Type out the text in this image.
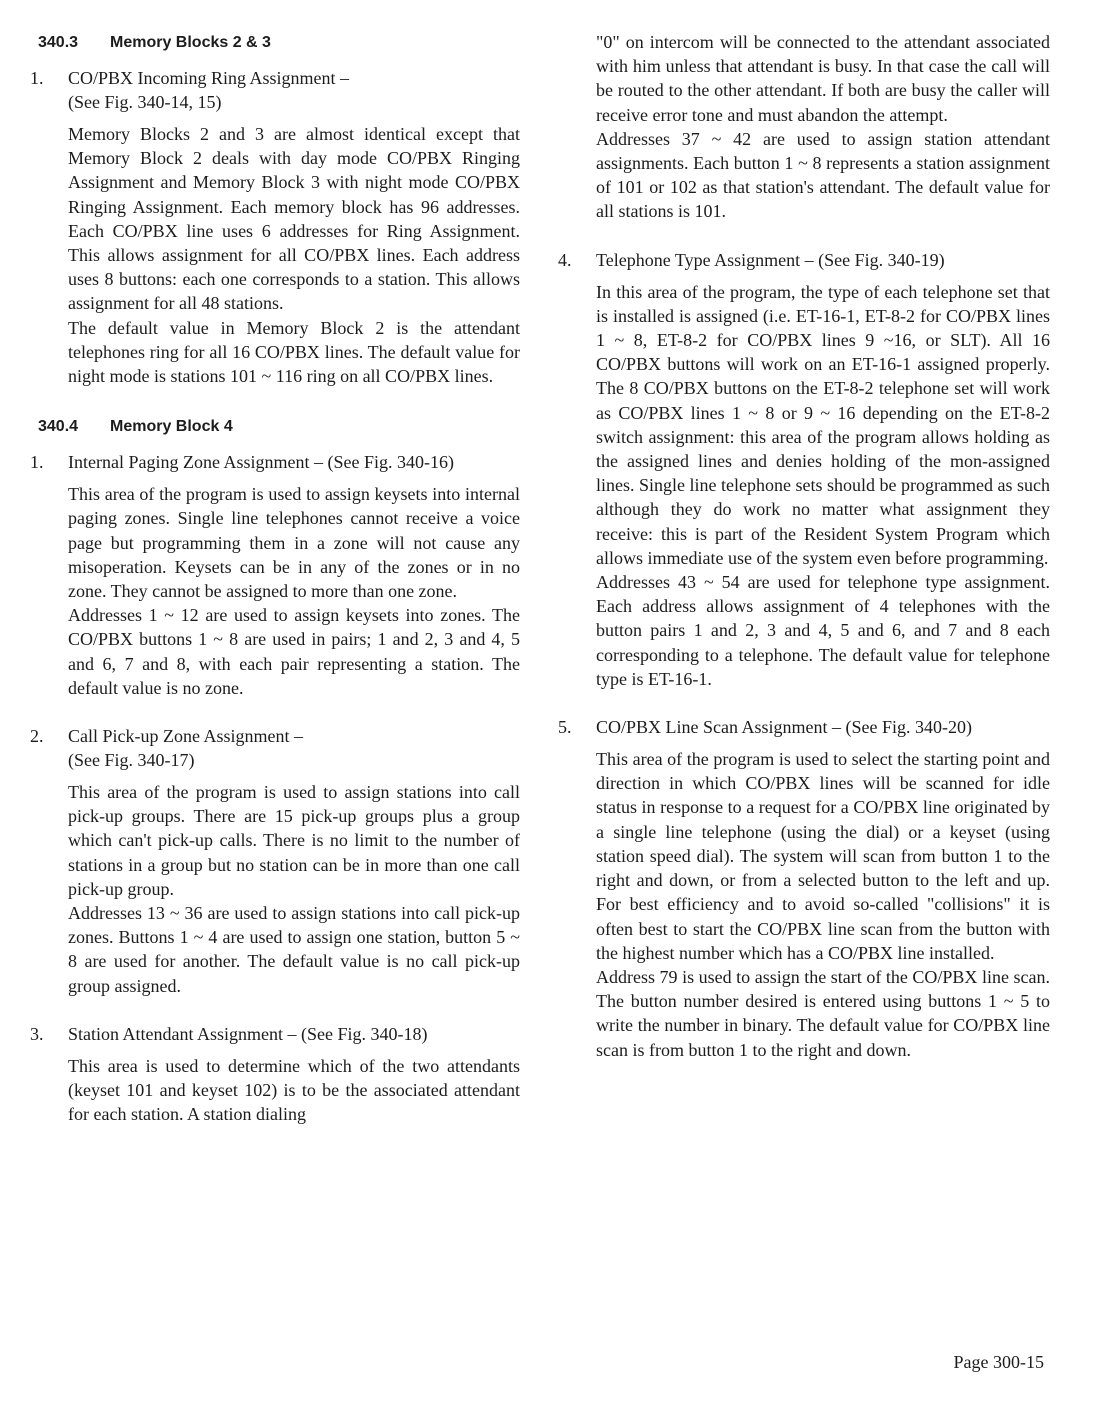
340.3 Memory Blocks 2 & 3
1. CO/PBX Incoming Ring Assignment –
(See Fig. 340-14, 15)

Memory Blocks 2 and 3 are almost identical except that Memory Block 2 deals with day mode CO/PBX Ringing Assignment and Memory Block 3 with night mode CO/PBX Ringing Assignment. Each memory block has 96 addresses. Each CO/PBX line uses 6 addresses for Ring Assignment. This allows assignment for all CO/PBX lines. Each address uses 8 buttons: each one corresponds to a station. This allows assignment for all 48 stations.

The default value in Memory Block 2 is the attendant telephones ring for all 16 CO/PBX lines. The default value for night mode is stations 101 ~ 116 ring on all CO/PBX lines.

340.4 Memory Block 4
1. Internal Paging Zone Assignment – (See Fig. 340-16)

This area of the program is used to assign keysets into internal paging zones. Single line telephones cannot receive a voice page but programming them in a zone will not cause any misoperation. Keysets can be in any of the zones or in no zone. They cannot be assigned to more than one zone.

Addresses 1 ~ 12 are used to assign keysets into zones. The CO/PBX buttons 1 ~ 8 are used in pairs; 1 and 2, 3 and 4, 5 and 6, 7 and 8, with each pair representing a station. The default value is no zone.

2. Call Pick-up Zone Assignment –
(See Fig. 340-17)

This area of the program is used to assign stations into call pick-up groups. There are 15 pick-up groups plus a group which can't pick-up calls. There is no limit to the number of stations in a group but no station can be in more than one call pick-up group.

Addresses 13 ~ 36 are used to assign stations into call pick-up zones. Buttons 1 ~ 4 are used to assign one station, button 5 ~ 8 are used for another. The default value is no call pick-up group assigned.

3. Station Attendant Assignment – (See Fig. 340-18)

This area is used to determine which of the two attendants (keyset 101 and keyset 102) is to be the associated attendant for each station. A station dialing

"0" on intercom will be connected to the attendant associated with him unless that attendant is busy. In that case the call will be routed to the other attendant. If both are busy the caller will receive error tone and must abandon the attempt.

Addresses 37 ~ 42 are used to assign station attendant assignments. Each button 1 ~ 8 represents a station assignment of 101 or 102 as that station's attendant. The default value for all stations is 101.

4. Telephone Type Assignment – (See Fig. 340-19)

In this area of the program, the type of each telephone set that is installed is assigned (i.e. ET-16-1, ET-8-2 for CO/PBX lines 1 ~ 8, ET-8-2 for CO/PBX lines 9 ~16, or SLT). All 16 CO/PBX buttons will work on an ET-16-1 assigned properly. The 8 CO/PBX buttons on the ET-8-2 telephone set will work as CO/PBX lines 1 ~ 8 or 9 ~ 16 depending on the ET-8-2 switch assignment: this area of the program allows holding as the assigned lines and denies holding of the mon-assigned lines. Single line telephone sets should be programmed as such although they do work no matter what assignment they receive: this is part of the Resident System Program which allows immediate use of the system even before programming.

Addresses 43 ~ 54 are used for telephone type assignment. Each address allows assignment of 4 telephones with the button pairs 1 and 2, 3 and 4, 5 and 6, and 7 and 8 each corresponding to a telephone. The default value for telephone type is ET-16-1.

5. CO/PBX Line Scan Assignment – (See Fig. 340-20)

This area of the program is used to select the starting point and direction in which CO/PBX lines will be scanned for idle status in response to a request for a CO/PBX line originated by a single line telephone (using the dial) or a keyset (using station speed dial). The system will scan from button 1 to the right and down, or from a selected button to the left and up. For best efficiency and to avoid so-called "collisions" it is often best to start the CO/PBX line scan from the button with the highest number which has a CO/PBX line installed.

Address 79 is used to assign the start of the CO/PBX line scan. The button number desired is entered using buttons 1 ~ 5 to write the number in binary. The default value for CO/PBX line scan is from button 1 to the right and down.

Page 300-15
